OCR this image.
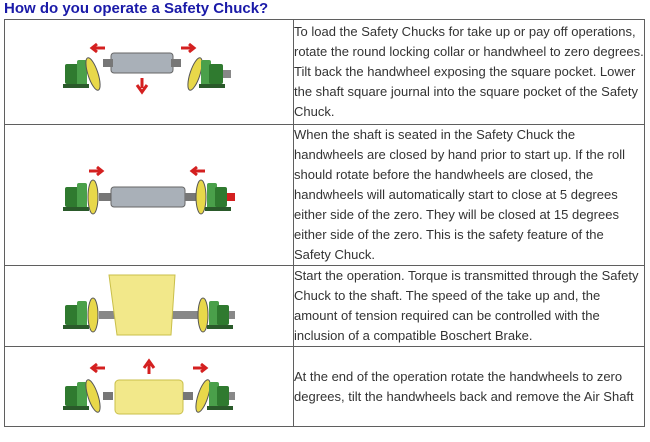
How do you operate a Safety Chuck?

To load the Safety Chucks for take up or pay off operations, rotate the round locking collar or handwheel to zero degrees. Tilt back the handwheel exposing the square pocket. Lower the shaft square journal into the square pocket of the Safety Chuck.

When the shaft is seated in the Safety Chuck the handwheels are closed by hand prior to start up. If the roll should rotate before the handwheels are closed, the handwheels will automatically start to close at 5 degrees either side of the zero. They will be closed at 15 degrees either side of the zero. This is the safety feature of the Safety Chuck.

Start the operation. Torque is transmitted through the Safety Chuck to the shaft. The speed of the take up and, the amount of tension required can be controlled with the inclusion of a compatible Boschert Brake.

At the end of the operation rotate the handwheels to zero degrees, tilt the handwheels back and remove the Air Shaft
